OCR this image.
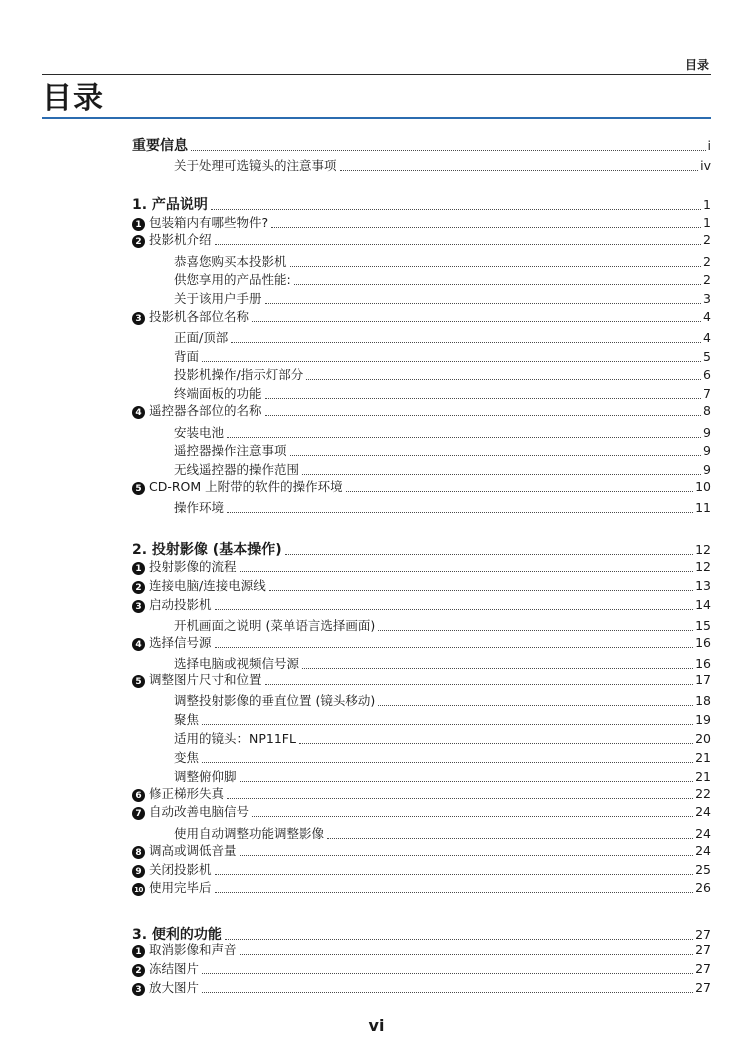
目录
目录
重要信息	i
关于处理可选镜头的注意事项	iv
1. 产品说明	1
1 包装箱内有哪些物件?	1
2 投影机介绍	2
恭喜您购买本投影机	2
供您享用的产品性能:	2
关于该用户手册	3
3 投影机各部位名称	4
正面/顶部	4
背面	5
投影机操作/指示灯部分	6
终端面板的功能	7
4 遥控器各部位的名称	8
安装电池	9
遥控器操作注意事项	9
无线遥控器的操作范围	9
5 CD-ROM 上附带的软件的操作环境	10
操作环境	11
2. 投射影像 (基本操作)	12
1 投射影像的流程	12
2 连接电脑/连接电源线	13
3 启动投影机	14
开机画面之说明 (菜单语言选择画面)	15
4 选择信号源	16
选择电脑或视频信号源	16
5 调整图片尺寸和位置	17
调整投射影像的垂直位置 (镜头移动)	18
聚焦	19
适用的镜头：NP11FL	20
变焦	21
调整俯仰脚	21
6 修正梯形失真	22
7 自动改善电脑信号	24
使用自动调整功能调整影像	24
8 调高或调低音量	24
9 关闭投影机	25
10 使用完毕后	26
3. 便利的功能	27
1 取消影像和声音	27
2 冻结图片	27
3 放大图片	27
vi
